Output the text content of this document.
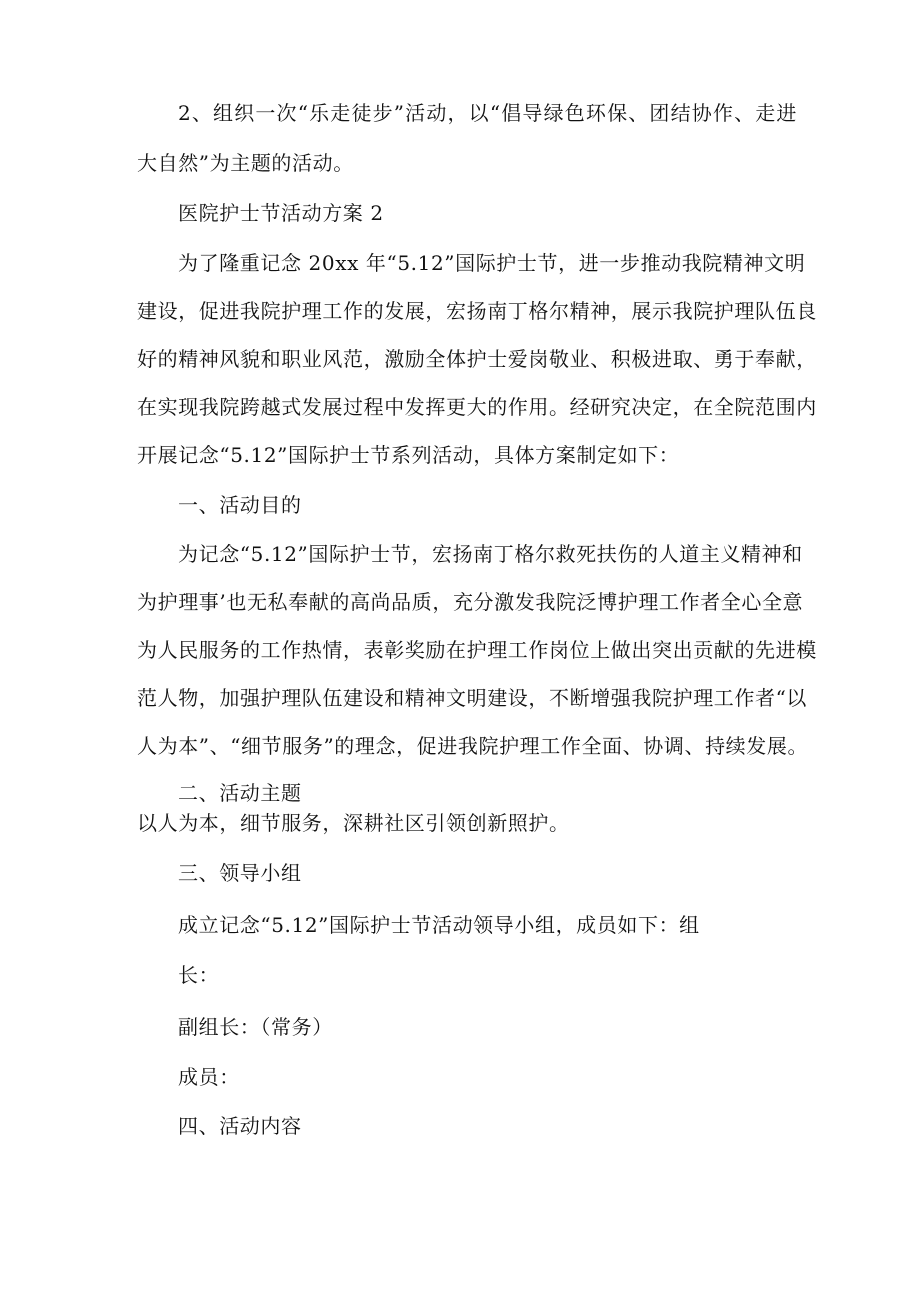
2、组织一次“乐走徒步”活动，以“倡导绿色环保、团结协作、走进
大自然”为主题的活动。
医院护士节活动方案 2
为了隆重记念 20xx 年“5.12”国际护士节，进一步推动我院精神文明
建设，促进我院护理工作的发展，宏扬南丁格尔精神，展示我院护理队伍良
好的精神风貌和职业风范，激励全体护士爱岗敬业、积极进取、勇于奉献，
在实现我院跨越式发展过程中发挥更大的作用。经研究决定，在全院范围内
开展记念“5.12”国际护士节系列活动，具体方案制定如下：
一、活动目的
为记念“5.12”国际护士节，宏扬南丁格尔救死扶伤的人道主义精神和
为护理事’也无私奉献的高尚品质，充分激发我院泛博护理工作者全心全意
为人民服务的工作热情，表彰奖励在护理工作岗位上做出突出贡献的先进模
范人物，加强护理队伍建设和精神文明建设，不断增强我院护理工作者“以
人为本”、“细节服务”的理念，促进我院护理工作全面、协调、持续发展。
二、活动主题
以人为本，细节服务，深耕社区引领创新照护。
三、领导小组
成立记念“5.12”国际护士节活动领导小组，成员如下：组
长：
副组长：（常务）
成员：
四、活动内容
